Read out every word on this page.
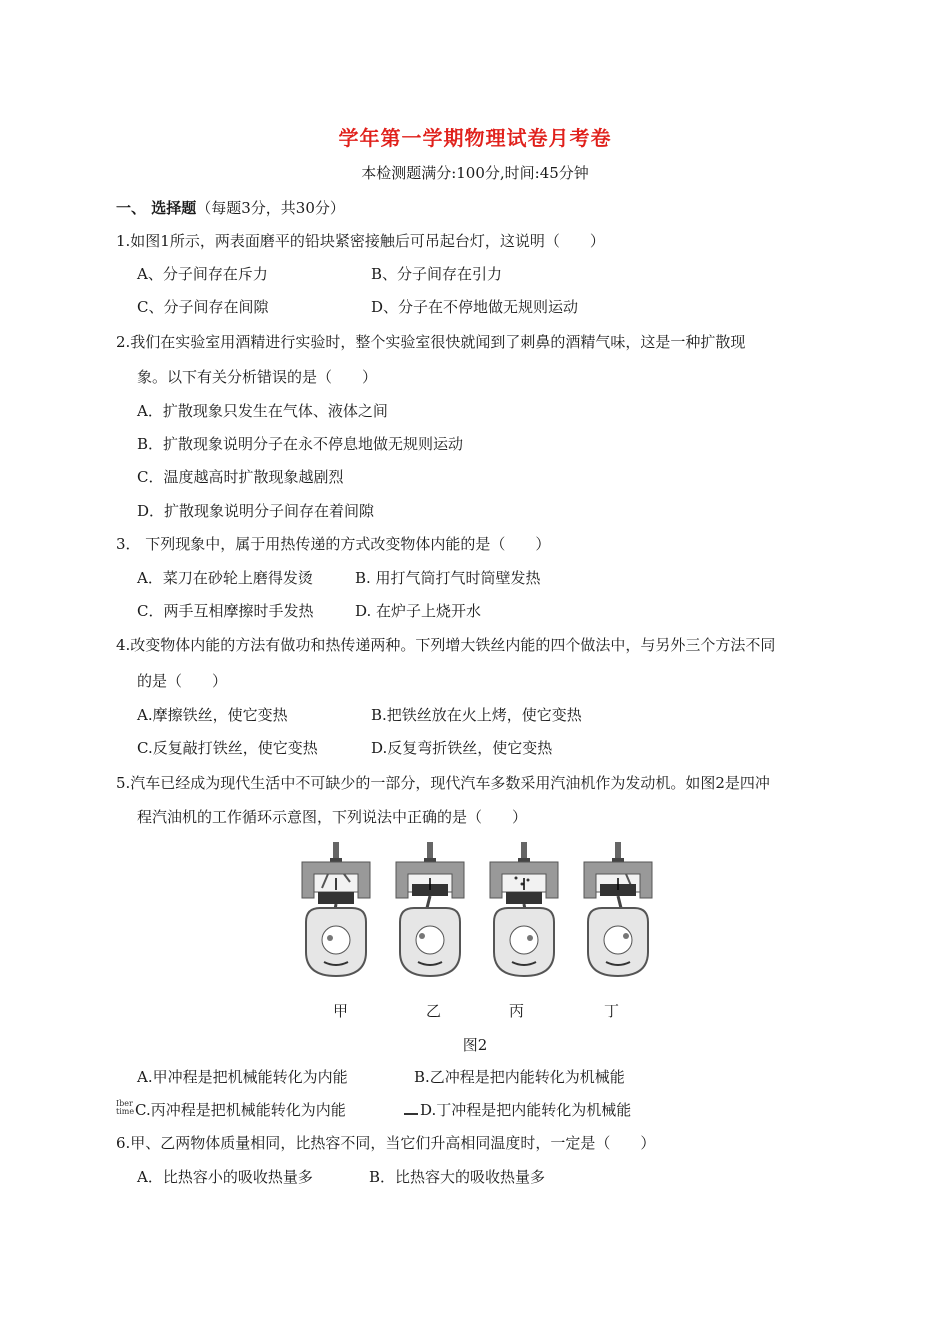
学年第一学期物理试卷月考卷
本检测题满分:100分,时间:45分钟
一、 选择题（每题3分，共30分）
1.如图1所示，两表面磨平的铅块紧密接触后可吊起台灯，这说明（　　）
A、分子间存在斥力	B、分子间存在引力
C、分子间存在间隙	D、分子在不停地做无规则运动
2.我们在实验室用酒精进行实验时，整个实验室很快就闻到了刺鼻的酒精气味，这是一种扩散现
象。以下有关分析错误的是（　　）
A．扩散现象只发生在气体、液体之间
B．扩散现象说明分子在永不停息地做无规则运动
C．温度越高时扩散现象越剧烈
D．扩散现象说明分子间存在着间隙
3． 下列现象中，属于用热传递的方式改变物体内能的是（　　）
A．菜刀在砂轮上磨得发烫	B. 用打气筒打气时筒壁发热
C．两手互相摩擦时手发热	D. 在炉子上烧开水
4.改变物体内能的方法有做功和热传递两种。下列增大铁丝内能的四个做法中，与另外三个方法不同
的是（　　）
A.摩擦铁丝，使它变热	B.把铁丝放在火上烤，使它变热
C.反复敲打铁丝，使它变热	D.反复弯折铁丝，使它变热
5.汽车已经成为现代生活中不可缺少的一部分，现代汽车多数采用汽油机作为发动机。如图2是四冲
程汽油机的工作循环示意图，下列说法中正确的是（　　）
甲	乙	丙	丁
图2
A.甲冲程是把机械能转化为内能	B.乙冲程是把内能转化为机械能
Iber
time C.丙冲程是把机械能转化为内能	D.丁冲程是把内能转化为机械能
6.甲、乙两物体质量相同，比热容不同，当它们升高相同温度时，一定是（　　）
A．比热容小的吸收热量多	B．比热容大的吸收热量多
